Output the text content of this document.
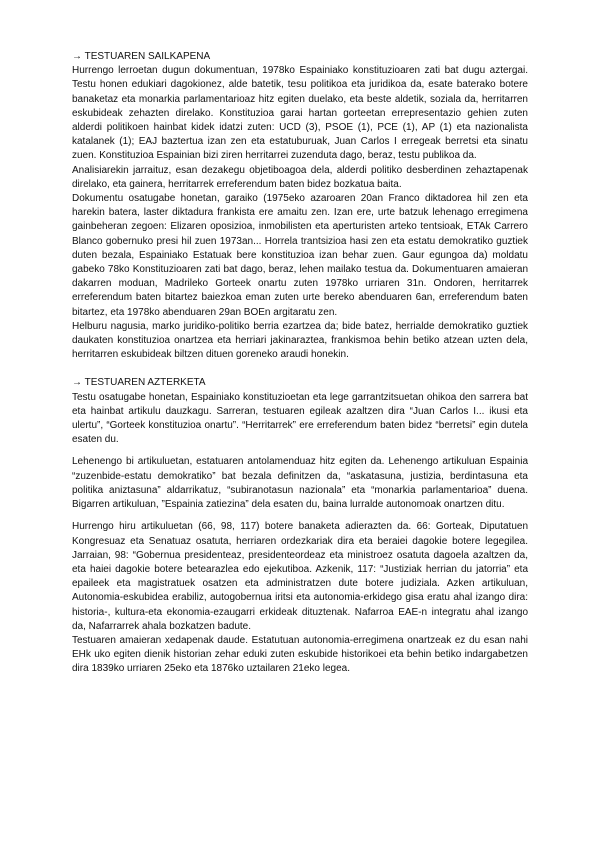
→ TESTUAREN SAILKAPENA

Hurrengo lerroetan dugun dokumentuan, 1978ko Espainiako konstituzioaren zati bat dugu aztergai. Testu honen edukiari dagokionez, alde batetik, tesu politikoa eta juridikoa da, esate baterako botere banaketaz eta monarkia parlamentarioaz hitz egiten duelako, eta beste aldetik, soziala da, herritarren eskubideak zehazten direlako. Konstituzioa garai hartan gorteetan errepresentazio gehien zuten alderdi politikoen hainbat kidek idatzi zuten: UCD (3), PSOE (1), PCE (1), AP (1) eta nazionalista katalanek (1); EAJ baztertua izan zen eta estatuburuak, Juan Carlos I erregeak berretsi eta sinatu zuen. Konstituzioa Espainian bizi ziren herritarrei zuzenduta dago, beraz, testu publikoa da.

Analisiarekin jarraituz, esan dezakegu objetiboagoa dela, alderdi politiko desberdinen zehaztapenak direlako, eta gainera, herritarrek erreferendum baten bidez bozkatua baita.

Dokumentu osatugabe honetan, garaiko (1975eko azaroaren 20an Franco diktadorea hil zen eta harekin batera, laster diktadura frankista ere amaitu zen. Izan ere, urte batzuk lehenago erregimena gainbeheran zegoen: Elizaren oposizioa, inmobilisten eta aperturisten arteko tentsioak, ETAk Carrero Blanco gobernuko presi hil zuen 1973an... Horrela trantsizioa hasi zen eta estatu demokratiko guztiek duten bezala, Espainiako Estatuak bere konstituzioa izan behar zuen. Gaur egungoa da) moldatu gabeko 78ko Konstituzioaren zati bat dago, beraz, lehen mailako testua da. Dokumentuaren amaieran dakarren moduan, Madrileko Gorteek onartu zuten 1978ko urriaren 31n. Ondoren, herritarrek erreferendum baten bitartez baiezkoa eman zuten urte bereko abenduaren 6an, erreferendum baten bitartez, eta 1978ko abenduaren 29an BOEn argitaratu zen.

Helburu nagusia, marko juridiko-politiko berria ezartzea da; bide batez, herrialde demokratiko guztiek daukaten konstituzioa onartzea eta herriari jakinaraztea, frankismoa behin betiko atzean uzten dela, herritarren eskubideak biltzen dituen goreneko araudi honekin.

→ TESTUAREN AZTERKETA

Testu osatugabe honetan, Espainiako konstituzioetan eta lege garrantzitsuetan ohikoa den sarrera bat eta hainbat artikulu dauzkagu. Sarreran, testuaren egileak azaltzen dira “Juan Carlos I... ikusi eta ulertu”, “Gorteek konstituzioa onartu”. “Herritarrek” ere erreferendum baten bidez “berretsi” egin dutela esaten du.

Lehenengo bi artikuluetan, estatuaren antolamenduaz hitz egiten da. Lehenengo artikuluan Espainia “zuzenbide-estatu demokratiko” bat bezala definitzen da, “askatasuna, justizia, berdintasuna eta politika aniztasuna” aldarrikatuz, “subiranotasun nazionala” eta “monarkia parlamentarioa” duena. Bigarren artikuluan, ”Espainia zatiezina” dela esaten du, baina lurralde autonomoak onartzen ditu.

Hurrengo hiru artikuluetan (66, 98, 117) botere banaketa adierazten da. 66: Gorteak, Diputatuen Kongresuaz eta Senatuaz osatuta, herriaren ordezkariak dira eta beraiei dagokie botere legegilea. Jarraian, 98: “Gobernua presidenteaz, presidenteordeaz eta ministroez osatuta dagoela azaltzen da, eta haiei dagokie botere betearazlea edo ejekutiboa. Azkenik, 117: “Justiziak herrian du jatorria” eta epaileek eta magistratuek osatzen eta administratzen dute botere judiziala. Azken artikuluan, Autonomia-eskubidea erabiliz, autogobernua iritsi eta autonomia-erkidego gisa eratu ahal izango dira: historia-, kultura-eta ekonomia-ezaugarri erkideak dituztenak. Nafarroa EAE-n integratu ahal izango da, Nafarrarrek ahala bozkatzen badute.

Testuaren amaieran xedapenak daude. Estatutuan autonomia-erregimena onartzeak ez du esan nahi EHk uko egiten dienik historian zehar eduki zuten eskubide historikoei eta behin betiko indargabetzen dira 1839ko urriaren 25eko eta 1876ko uztailaren 21eko legea.
